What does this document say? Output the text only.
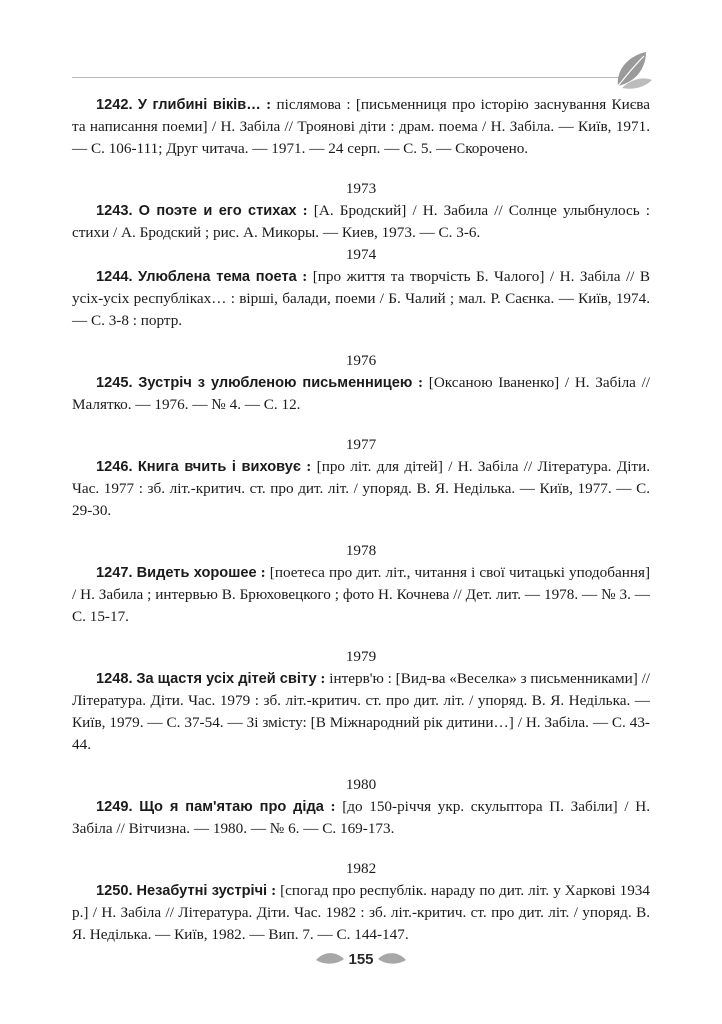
1242. У глибині віків… : післямова : [письменниця про історію заснування Києва та написання поеми] / Н. Забіла // Троянові діти : драм. поема / Н. Забіла. — Київ, 1971. — С. 106-111; Друг читача. — 1971. — 24 серп. — С. 5. — Скорочено.

1973

1243. О поэте и его стихах : [А. Бродский] / Н. Забила // Солнце улыбнулось : стихи / А. Бродский ; рис. А. Микоры. — Киев, 1973. — С. 3-6.

1974

1244. Улюблена тема поета : [про життя та творчість Б. Чалого] / Н. Забіла // В усіх-усіх республіках… : вірші, балади, поеми / Б. Чалий ; мал. Р. Саєнка. — Київ, 1974. — С. 3-8 : портр.

1976

1245. Зустріч з улюбленою письменницею : [Оксаною Іваненко] / Н. Забіла // Малятко. — 1976. — № 4. — С. 12.

1977

1246. Книга вчить і виховує : [про літ. для дітей] / Н. Забіла // Література. Діти. Час. 1977 : зб. літ.-критич. ст. про дит. літ. / упоряд. В. Я. Неділька. — Київ, 1977. — С. 29-30.

1978

1247. Видеть хорошее : [поетеса про дит. літ., читання і свої читацькі уподобання] / Н. Забила ; интервью В. Брюховецкого ; фото Н. Кочнева // Дет. лит. — 1978. — № 3. — С. 15-17.

1979

1248. За щастя усіх дітей світу : інтерв'ю : [Вид-ва «Веселка» з письменниками] // Література. Діти. Час. 1979 : зб. літ.-критич. ст. про дит. літ. / упоряд. В. Я. Неділька. — Київ, 1979. — С. 37-54. — Зі змісту: [В Міжнародний рік дитини…] / Н. Забіла. — С. 43-44.

1980

1249. Що я пам'ятаю про діда : [до 150-річчя укр. скульптора П. Забіли] / Н. Забіла // Вітчизна. — 1980. — № 6. — С. 169-173.

1982

1250. Незабутні зустрічі : [спогад про республік. нараду по дит. літ. у Харкові 1934 р.] / Н. Забіла // Література. Діти. Час. 1982 : зб. літ.-критич. ст. про дит. літ. / упоряд. В. Я. Неділька. — Київ, 1982. — Вип. 7. — С. 144-147.

155
